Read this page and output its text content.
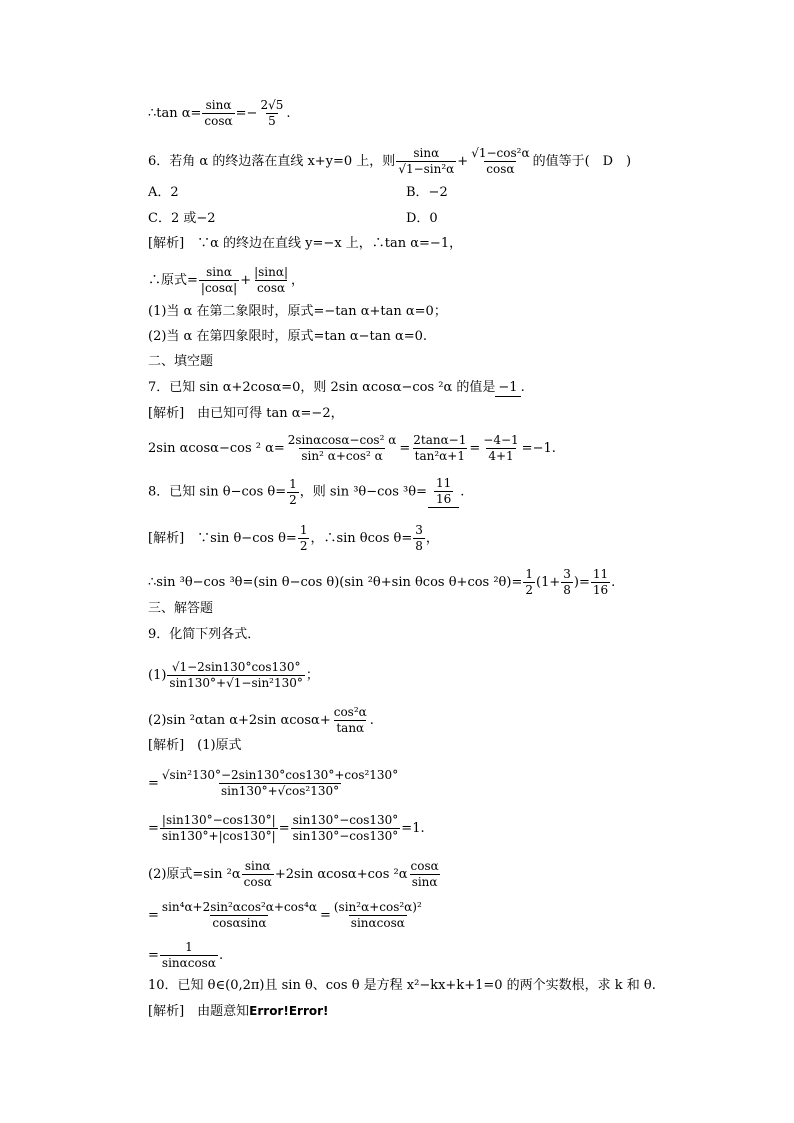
∴tan $\alpha= \frac{\sin\alpha}{\cos\alpha} =- \frac{2√5}{5}$ .
6．若角 α 的终边落在直线 x+y=0 上，则 $\frac{\sin\alpha}{\text{√1−sin²α}} + \frac{\text{√1−cos²α}}{\cos\alpha}$ 的值等于(　D　)
A．2	B．−2
C．2 或−2	D．0
[解析]　∵α 的终边在直线 y=−x 上，∴tan α=−1，
∴原式= $\frac{\sin\alpha}{|\cos\alpha|} + \frac{|\sin\alpha|}{\cos\alpha}$ ，
(1)当 α 在第二象限时，原式=−tan α+tan α=0；
(2)当 α 在第四象限时，原式=tan α−tan α=0.
二、填空题
7．已知 sin α+2cosα=0，则 2sin αcosα−cos ²α 的值是 −1 .
[解析]　由已知可得 tan α=−2，
2sin αcosα−cos ² $\alpha= \frac{\text{2sinαcosα−cos² α}}{\text{sin² α+cos² α}} = \frac{2\tan\alpha-1}{\text{tan²α+1}} = \frac{-4-1}{4+1} =-1$.
8．已知 sin θ−cos $\theta= \frac{1}{2}$ ，则 sin ³θ−cos $^3\theta= \frac{11}{16}$ .
[解析]　∵sin θ−cos $\theta= \frac{1}{2}$ ，∴sin θcos $\theta= \frac{3}{8}$ ，
∴sin ³θ−cos ³θ=(sin θ−cos θ)(sin ²θ+sin θcos θ+cos $^2\theta)= \frac{1}{2} (1+ \frac{3}{8}$ )= $\frac{11}{16}$ .
三、解答题
9．化简下列各式．
$(1) \frac{√1-2\sin 130^\circ\cos 130^\circ}{\text{sin130°+√1−sin²130°}}$ ；
(2)sin ²αtan α+2sin $\alpha\cos\alpha+ \frac{\text{cos²α}}{\tan\alpha}$ .
[解析]　(1)原式
= $\frac{\text{√sin²130°−2sin130°cos130°+cos²130°}}{\text{sin130°+√cos²130°}}$
= $\frac{|\sin 130^\circ-\cos 130^\circ|}{\sin 130^\circ+|\cos 130^\circ|} = \frac{\sin 130^\circ-\cos 130^\circ}{\sin 130^\circ-\cos 130^\circ} =1$.
(2)原式=sin $^2\alpha \frac{\sin\alpha}{\cos\alpha} +2\sin$ αcosα+cos $^2\alpha \frac{\cos\alpha}{\sin\alpha}$
= $\frac{\text{sin⁴α+2sin²αcos²α+cos⁴α}}{\cos\alpha\sin\alpha} = \frac{\text{(sin²α+cos²α)²}}{\sin\alpha\cos\alpha}$
= $\frac{1}{\sin\alpha\cos\alpha}$ .
10．已知 θ∈(0,2π)且 sin θ、cos θ 是方程 x²−kx+k+1=0 的两个实数根，求 k 和 θ.
[解析]　由题意知Error!Error!
